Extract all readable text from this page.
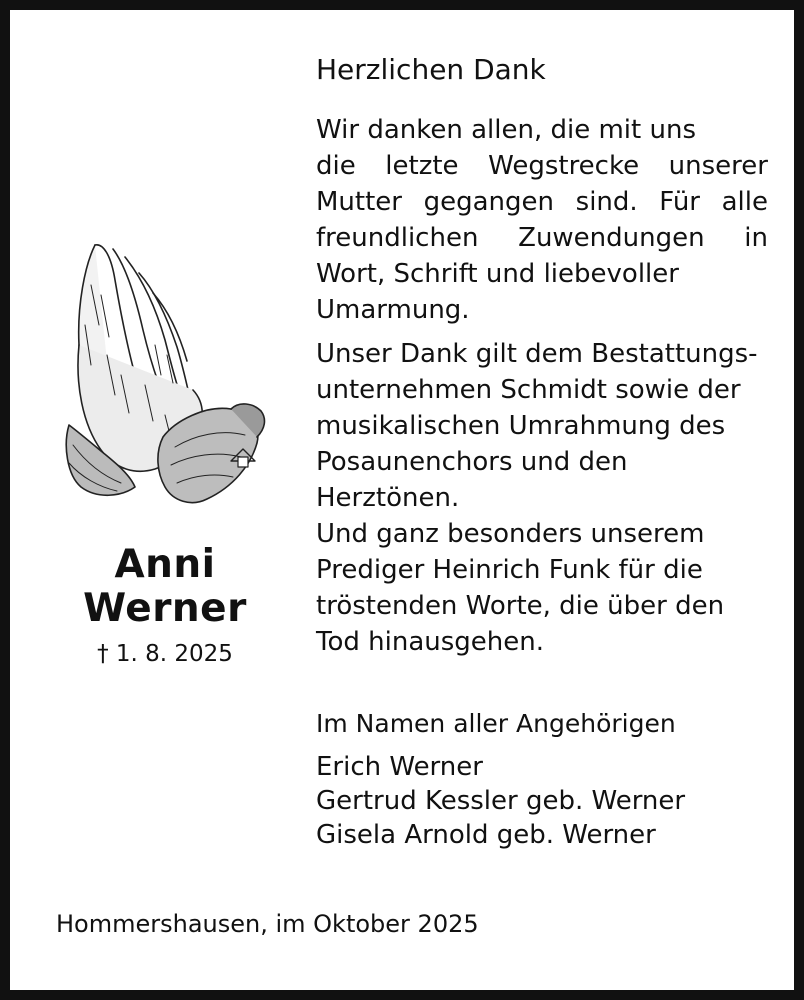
Anni
Werner
† 1. 8. 2025
Herzlichen Dank
Wir danken allen, die mit uns
die letzte Wegstrecke unserer
Mutter gegangen sind. Für alle
freundlichen Zuwendungen in
Wort, Schrift und liebevoller
Umarmung.
Unser Dank gilt dem Bestattungs-
unternehmen Schmidt sowie der
musikalischen Umrahmung des
Posaunenchors und den
Herztönen.
Und ganz besonders unserem
Prediger Heinrich Funk für die
tröstenden Worte, die über den
Tod hinausgehen.
Im Namen aller Angehörigen
Erich Werner
Gertrud Kessler geb. Werner
Gisela Arnold geb. Werner
Hommershausen, im Oktober 2025
